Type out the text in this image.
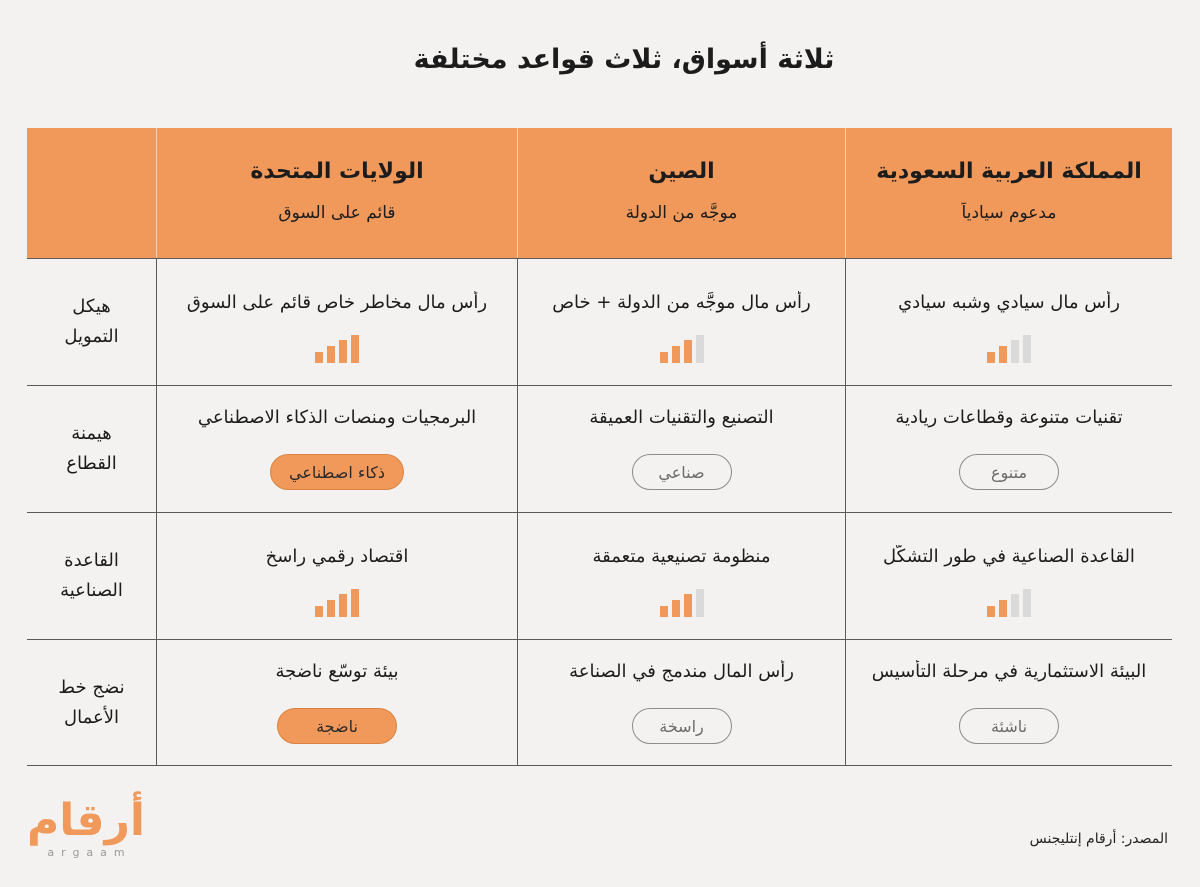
ثلاثة أسواق، ثلاث قواعد مختلفة
المملكة العربية السعودية
مدعوم سيادياً
الصين
موجَّه من الدولة
الولايات المتحدة
قائم على السوق
رأس مال سيادي وشبه سيادي
رأس مال موجَّه من الدولة + خاص
رأس مال مخاطر خاص قائم على السوق
هيكل
التمويل
تقنيات متنوعة وقطاعات ريادية
متنوع
التصنيع والتقنيات العميقة
صناعي
البرمجيات ومنصات الذكاء الاصطناعي
ذكاء اصطناعي
هيمنة
القطاع
القاعدة الصناعية في طور التشكّل
منظومة تصنيعية متعمقة
اقتصاد رقمي راسخ
القاعدة
الصناعية
البيئة الاستثمارية في مرحلة التأسيس
ناشئة
رأس المال مندمج في الصناعة
راسخة
بيئة توسّع ناضجة
ناضجة
نضج خط
الأعمال
أرقام
argaam
المصدر: أرقام إنتليجنس
